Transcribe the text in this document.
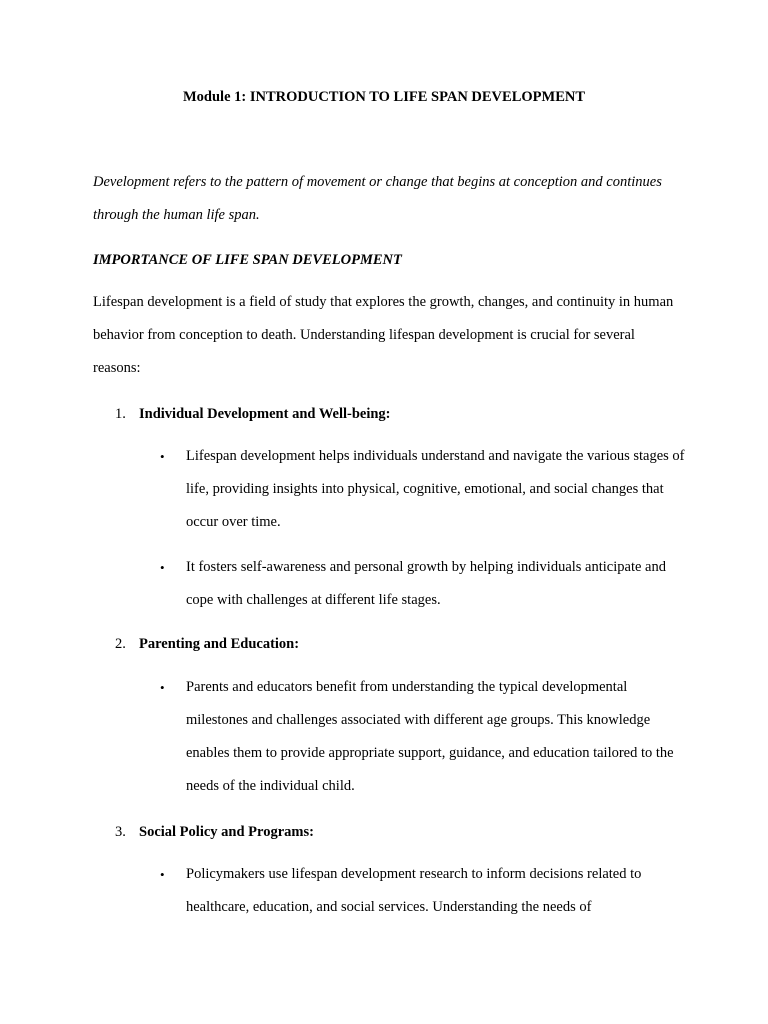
Module 1: INTRODUCTION TO LIFE SPAN DEVELOPMENT

Development refers to the pattern of movement or change that begins at conception and continues through the human life span.

IMPORTANCE OF LIFE SPAN DEVELOPMENT

Lifespan development is a field of study that explores the growth, changes, and continuity in human behavior from conception to death. Understanding lifespan development is crucial for several reasons:

1. Individual Development and Well-being:
•	Lifespan development helps individuals understand and navigate the various stages of life, providing insights into physical, cognitive, emotional, and social changes that occur over time.
•	It fosters self-awareness and personal growth by helping individuals anticipate and cope with challenges at different life stages.
2. Parenting and Education:
•	Parents and educators benefit from understanding the typical developmental milestones and challenges associated with different age groups. This knowledge enables them to provide appropriate support, guidance, and education tailored to the needs of the individual child.
3. Social Policy and Programs:
•	Policymakers use lifespan development research to inform decisions related to healthcare, education, and social services. Understanding the needs of
